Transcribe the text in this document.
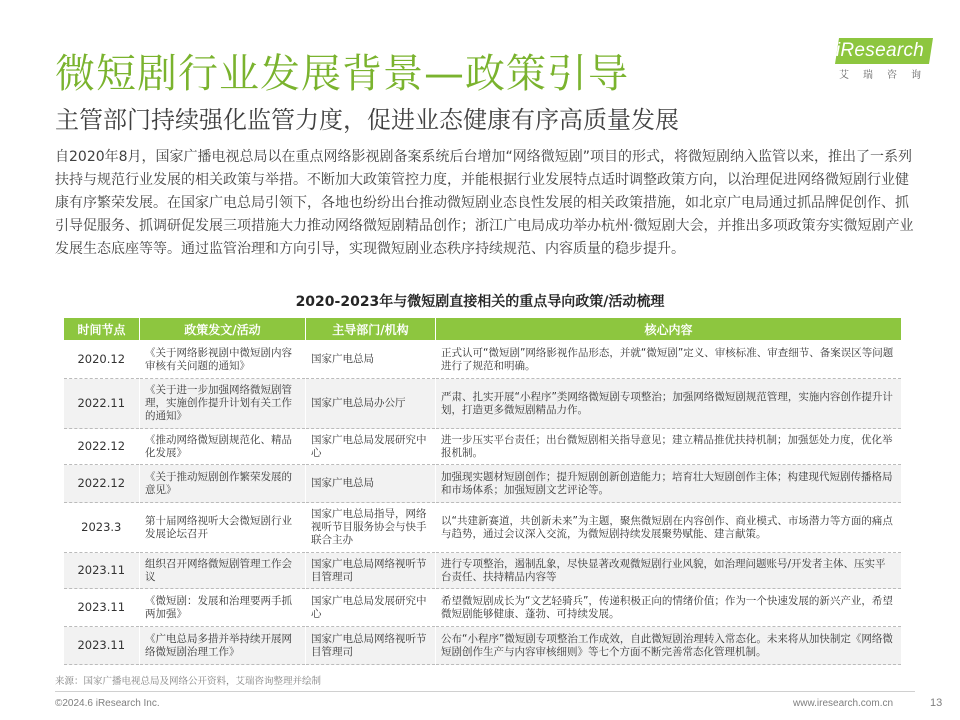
微短剧行业发展背景—政策引导
主管部门持续强化监管力度，促进业态健康有序高质量发展
iResearch
艾瑞咨询
自2020年8月，国家广播电视总局以在重点网络影视剧备案系统后台增加“网络微短剧”项目的形式，将微短剧纳入监管以来，推出了一系列扶持与规范行业发展的相关政策与举措。不断加大政策管控力度，并能根据行业发展特点适时调整政策方向，以治理促进网络微短剧行业健康有序繁荣发展。在国家广电总局引领下，各地也纷纷出台推动微短剧业态良性发展的相关政策措施，如北京广电局通过抓品牌促创作、抓引导促服务、抓调研促发展三项措施大力推动网络微短剧精品创作；浙江广电局成功举办杭州·微短剧大会，并推出多项政策夯实微短剧产业发展生态底座等等。通过监管治理和方向引导，实现微短剧业态秩序持续规范、内容质量的稳步提升。
2020-2023年与微短剧直接相关的重点导向政策/活动梳理
时间节点	政策发文/活动	主导部门/机构	核心内容
2020.12	《关于网络影视剧中微短剧内容审核有关问题的通知》	国家广电总局	正式认可“微短剧”网络影视作品形态，并就“微短剧”定义、审核标准、审查细节、备案误区等问题进行了规范和明确。
2022.11	《关于进一步加强网络微短剧管理，实施创作提升计划有关工作的通知》	国家广电总局办公厅	严肃、扎实开展“小程序”类网络微短剧专项整治；加强网络微短剧规范管理，实施内容创作提升计划，打造更多微短剧精品力作。
2022.12	《推动网络微短剧规范化、精品化发展》	国家广电总局发展研究中心	进一步压实平台责任；出台微短剧相关指导意见；建立精品推优扶持机制；加强惩处力度，优化举报机制。
2022.12	《关于推动短剧创作繁荣发展的意见》	国家广电总局	加强现实题材短剧创作；提升短剧创新创造能力；培育壮大短剧创作主体；构建现代短剧传播格局和市场体系；加强短剧文艺评论等。
2023.3	第十届网络视听大会微短剧行业发展论坛召开	国家广电总局指导，网络视听节目服务协会与快手联合主办	以“共建新赛道，共创新未来”为主题，聚焦微短剧在内容创作、商业模式、市场潜力等方面的痛点与趋势，通过会议深入交流，为微短剧持续发展聚势赋能、建言献策。
2023.11	组织召开网络微短剧管理工作会议	国家广电总局网络视听节目管理司	进行专项整治，遏制乱象，尽快显著改观微短剧行业风貌，如治理问题账号/开发者主体、压实平台责任、扶持精品内容等
2023.11	《微短剧：发展和治理要两手抓两加强》	国家广电总局发展研究中心	希望微短剧成长为“文艺轻骑兵”，传递积极正向的情绪价值；作为一个快速发展的新兴产业，希望微短剧能够健康、蓬勃、可持续发展。
2023.11	《广电总局多措并举持续开展网络微短剧治理工作》	国家广电总局网络视听节目管理司	公布“小程序”微短剧专项整治工作成效，自此微短剧治理转入常态化。未来将从加快制定《网络微短剧创作生产与内容审核细则》等七个方面不断完善常态化管理机制。
来源：国家广播电视总局及网络公开资料，艾瑞咨询整理并绘制
©2024.6 iResearch Inc.	www.iresearch.com.cn	13
